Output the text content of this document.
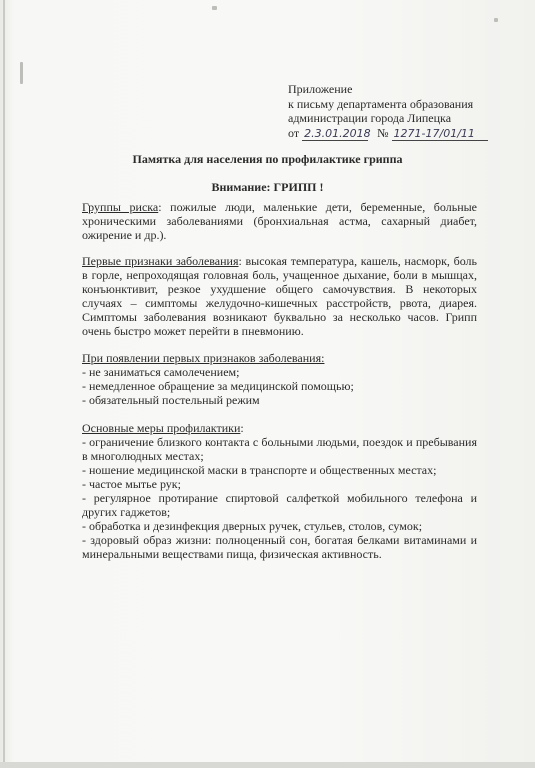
Приложение
к письму департамента образования
администрации города Липецка
от 2.3.01.2018 № 1271-17/01/11
Памятка для населения по профилактике гриппа
Внимание: ГРИПП !

Группы риска: пожилые люди, маленькие дети, беременные, больные хроническими заболеваниями (бронхиальная астма, сахарный диабет, ожирение и др.).

Первые признаки заболевания: высокая температура, кашель, насморк, боль в горле, непроходящая головная боль, учащенное дыхание, боли в мышцах, конъюнктивит, резкое ухудшение общего самочувствия. В некоторых случаях – симптомы желудочно-кишечных расстройств, рвота, диарея. Симптомы заболевания возникают буквально за несколько часов. Грипп очень быстро может перейти в пневмонию.

При появлении первых признаков заболевания:
- не заниматься самолечением;
- немедленное обращение за медицинской помощью;
- обязательный постельный режим
Основные меры профилактики:
- ограничение близкого контакта с больными людьми, поездок и пребывания в многолюдных местах;
- ношение медицинской маски в транспорте и общественных местах;
- частое мытье рук;
- регулярное протирание спиртовой салфеткой мобильного телефона и других гаджетов;
- обработка и дезинфекция дверных ручек, стульев, столов, сумок;
- здоровый образ жизни: полноценный сон, богатая белками витаминами и минеральными веществами пища, физическая активность.
